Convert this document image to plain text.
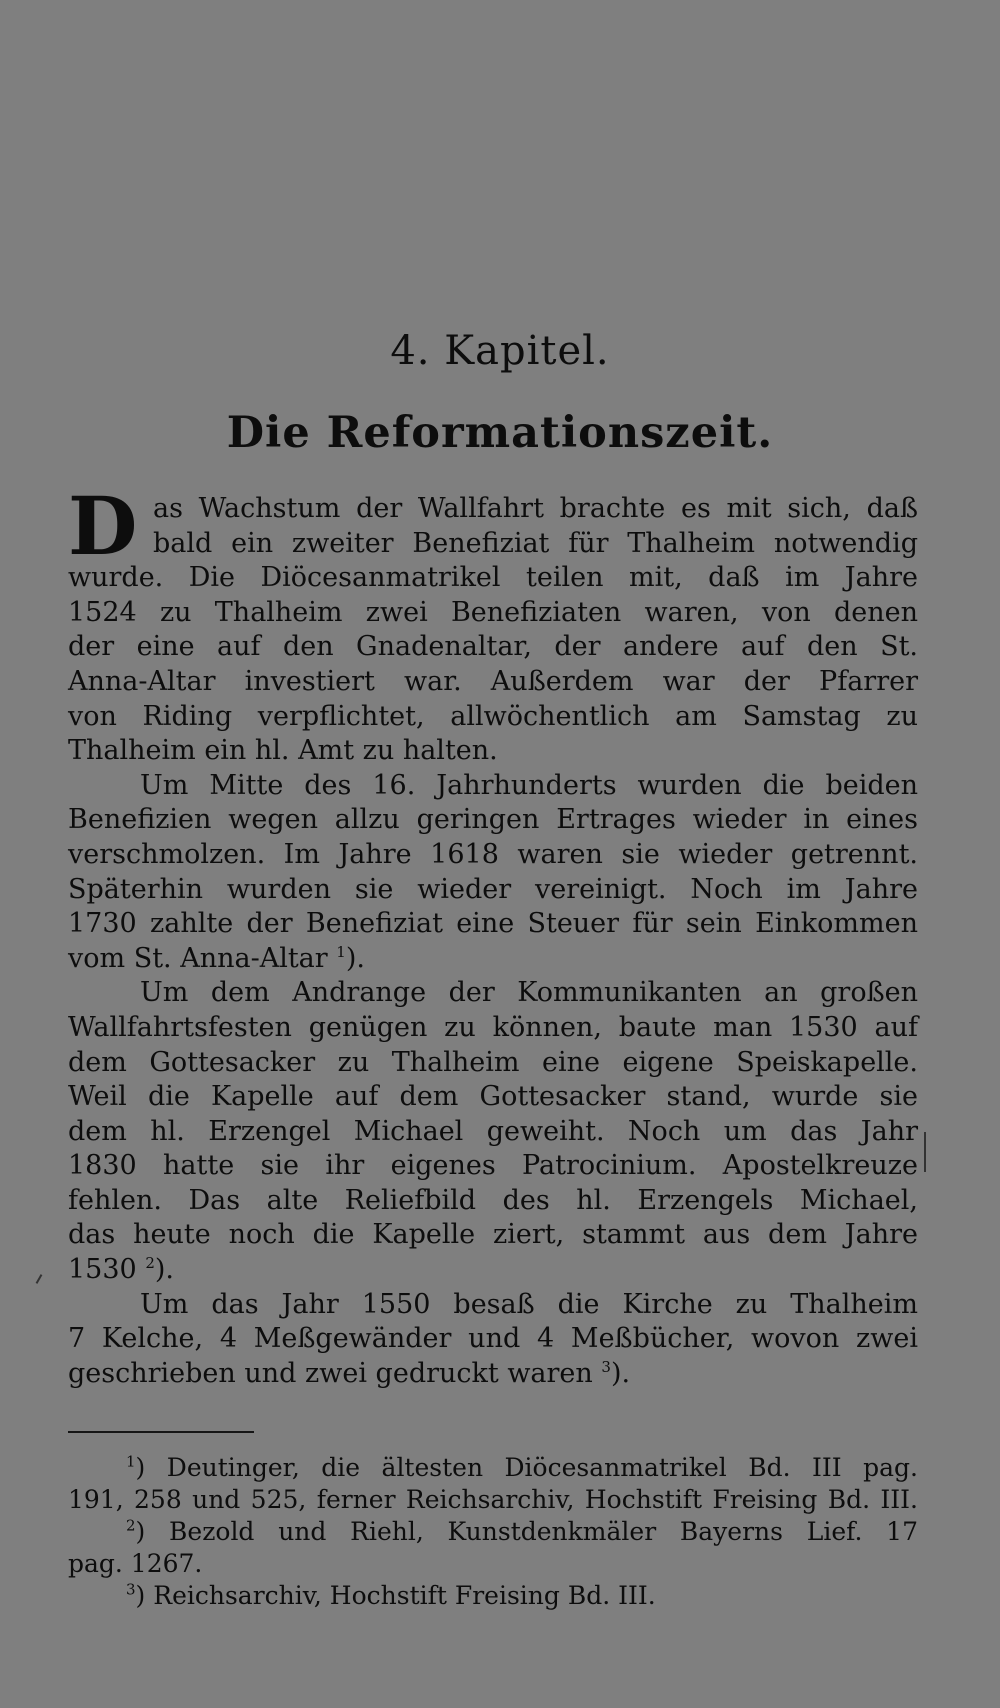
4. Kapitel.
Die Reformationszeit.
D as Wachstum der Wallfahrt brachte es mit sich, daß
bald ein zweiter Benefiziat für Thalheim notwendig
wurde. Die Diöcesanmatrikel teilen mit, daß im Jahre
1524 zu Thalheim zwei Benefiziaten waren, von denen
der eine auf den Gnadenaltar, der andere auf den St.
Anna-Altar investiert war. Außerdem war der Pfarrer
von Riding verpflichtet, allwöchentlich am Samstag zu
Thalheim ein hl. Amt zu halten.
Um Mitte des 16. Jahrhunderts wurden die beiden
Benefizien wegen allzu geringen Ertrages wieder in eines
verschmolzen. Im Jahre 1618 waren sie wieder getrennt.
Späterhin wurden sie wieder vereinigt. Noch im Jahre
1730 zahlte der Benefiziat eine Steuer für sein Einkommen
vom St. Anna-Altar $^1$).
Um dem Andrange der Kommunikanten an großen
Wallfahrtsfesten genügen zu können, baute man 1530 auf
dem Gottesacker zu Thalheim eine eigene Speiskapelle.
Weil die Kapelle auf dem Gottesacker stand, wurde sie
dem hl. Erzengel Michael geweiht. Noch um das Jahr
1830 hatte sie ihr eigenes Patrocinium. Apostelkreuze
fehlen. Das alte Reliefbild des hl. Erzengels Michael,
das heute noch die Kapelle ziert, stammt aus dem Jahre
1530 $^2$).
Um das Jahr 1550 besaß die Kirche zu Thalheim
7 Kelche, 4 Meßgewänder und 4 Meßbücher, wovon zwei
geschrieben und zwei gedruckt waren $^3$).
$^1$) Deutinger, die ältesten Diöcesanmatrikel Bd. III pag.
191, 258 und 525, ferner Reichsarchiv, Hochstift Freising Bd. III.
$^2$) Bezold und Riehl, Kunstdenkmäler Bayerns Lief. 17
pag. 1267.
$^3$) Reichsarchiv, Hochstift Freising Bd. III.
